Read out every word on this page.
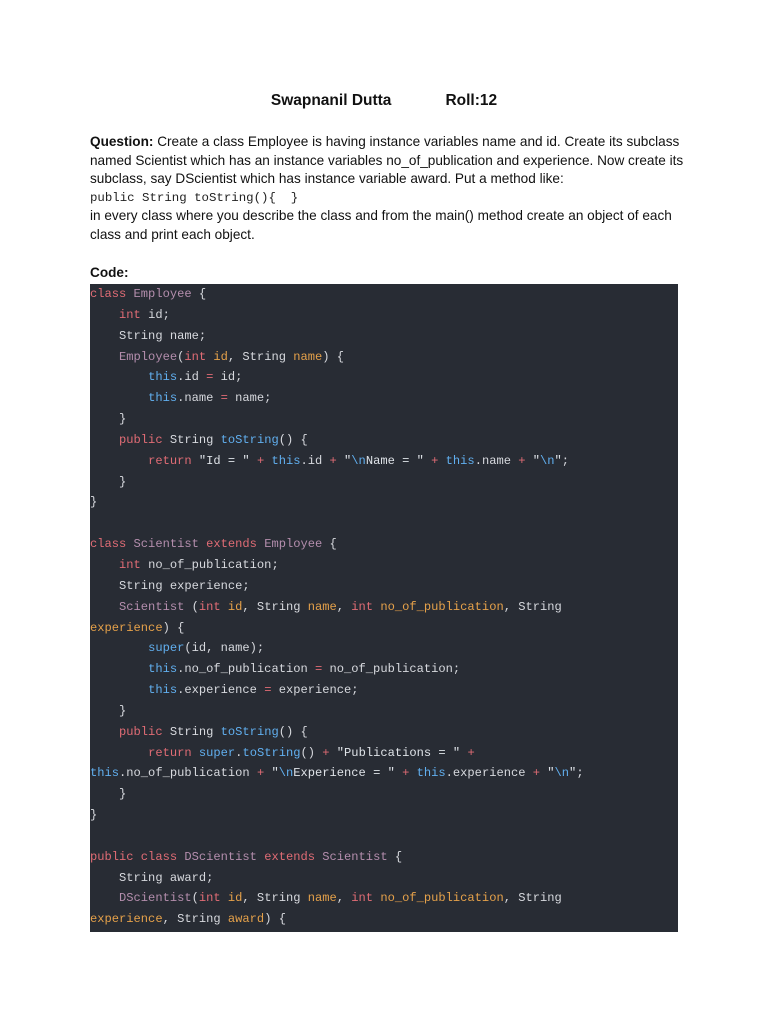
Swapnanil Dutta	Roll:12
Question: Create a class Employee is having instance variables name and id. Create its subclass named Scientist which has an instance variables no_of_publication and experience. Now create its subclass, say DScientist which has instance variable award. Put a method like:
public String toString(){  }
in every class where you describe the class and from the main() method create an object of each class and print each object.
Code:
class Employee {
int id;
String name;
Employee(int id, String name) {
this.id = id;
this.name = name;
}
public String toString() {
return "Id = " + this.id + "\nName = " + this.name + "\n";
}
}
class Scientist extends Employee {
int no_of_publication;
String experience;
Scientist (int id, String name, int no_of_publication, String
experience) {
super(id, name);
this.no_of_publication = no_of_publication;
this.experience = experience;
}
public String toString() {
return super.toString() + "Publications = " +
this.no_of_publication + "\nExperience = " + this.experience + "\n";
}
}
public class DScientist extends Scientist {
String award;
DScientist(int id, String name, int no_of_publication, String
experience, String award) {
